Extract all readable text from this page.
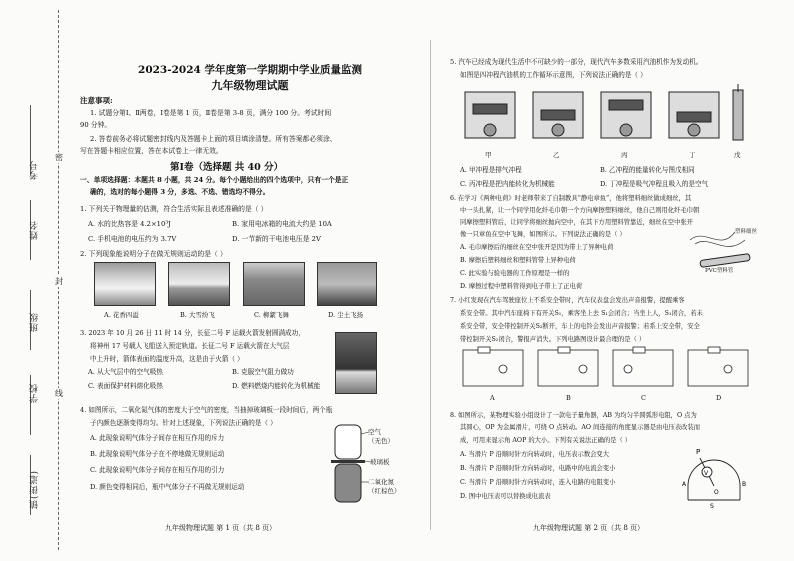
考号
姓名
班级
学校
镇(街道)
密
封
线
2023-2024 学年度第一学期期中学业质量监测
九年级物理试题
注意事项:
1. 试题分第Ⅰ、Ⅱ两卷，Ⅰ卷是第 1 页，Ⅱ卷是第 3-8 页，满分 100 分。考试时间
90 分钟。
2. 答卷前务必将试题密封线内及答题卡上面的项目填涂清楚。所有答案都必须涂、
写在答题卡相应位置，答在本试卷上一律无效。
第Ⅰ卷（选择题 共 40 分）
一、单项选择题：本题共 8 小题，共 24 分。每个小题给出的四个选项中，只有一个是正
确的，选对的每小题得 3 分，多选、不选、错选均不得分。
1. 下列关于物理量的估测，符合生活实际且表述准确的是（ ）
A. 水的比热容是 4.2×10³J	B. 家用电冰箱的电流大约是 10A
C. 手机电池的电压约为 3.7V	D. 一节新的干电池电压是 2V
2. 下列现象能说明分子在做无规则运动的是（ ）
A. 花香四溢	B. 大雪纷飞	C. 柳絮飞舞	D. 尘土飞扬
3. 2023 年 10 月 26 日 11 时 14 分，长征二号 F 运载火箭发射圆满成功，
将神州 17 号载人飞船送入预定轨道。长征二号 F 运载火箭在大气层
中上升时，箭体表面的温度升高，这是由于火箭（ ）
A. 从大气层中的空气吸热	B. 克服空气阻力做功
C. 表面保护材料熔化吸热	D. 燃料燃烧内能转化为机械能
4. 如图所示，二氧化氮气体的密度大于空气的密度，当抽掉玻璃板一段时间后，两个瓶
子内颜色逐渐变得均匀。针对上述现象，下列说法正确的是（ ）
A. 此现象说明气体分子间存在相互作用的斥力
B. 此现象说明气体分子在不停地做无规则运动
C. 此现象说明气体分子间存在相互作用的引力
D. 颜色变得相同后，瓶中气体分子不再做无规则运动
空气
（无色）
玻璃板
二氧化氮
（红棕色）
九年级物理试题 第 1 页（共 8 页）
5. 汽车已经成为现代生活中不可缺少的一部分，现代汽车多数采用汽油机作为发动机。
如图是四冲程汽油机的工作循环示意图，下列说法正确的是（ ）
甲	乙	丙	丁	戊
A. 甲冲程是排气冲程	B. 乙冲程的能量转化与图戊相同
C. 丙冲程是把内能转化为机械能	D. 丁冲程是吸气冲程且吸入的是空气
6. 在学习《两种电荷》时老师带来了自制教具“静电章鱼”，他将塑料细丝做成细丝，其
中一头扎紧，让一个同学用化纤毛巾朝一个方向摩擦塑料细丝，他自己则用化纤毛巾朝
同摩擦塑料管后，让同学将细丝抛向空中，在其下方用塑料管靠近，细丝在空中张开
像一只章鱼在空中飞舞，如图所示。下列说法正确的是（ ）
A. 毛巾摩擦后的细丝在空中张开是因为带上了异种电荷
B. 摩擦后塑料细丝和塑料管带上异种电荷
C. 此实验与验电器的工作原理是一样的
D. 摩擦过程中塑料管得到电子带上了正电荷
塑料细丝
PVC塑料管
7. 小红发现在汽车驾驶座位上不系安全带时，汽车仪表盘会发出声音报警，提醒乘客
系安全带。其中汽车座椅下有开关S₁，乘客坐上去 S₁会闭合；当坐上人，S₁闭合，若未
系安全带，安全带控制开关S₂断开，车上的电铃会发出声音报警；若系上安全带，安全
带控制开关S₂闭合，警报声消失。下列电路图设计最合理的是（ ）
A	B	C	D
8. 如图所示，某物理实验小组设计了一款电子量角器，AB 为均匀半圆弧形电阻，O 点为
其圆心，OP 为金属滑片，可绕 O 点转动。AO 间连接的角度显示器是由电压表改装而
成，可用来显示角 AOP 的大小。下列有关说法正确的是（ ）
A. 当滑片 P 沿顺时针方向转动时，电压表示数会变大
B. 当滑片 P 沿顺时针方向转动时，电路中的电流会变小
C. 当滑片 P 沿顺时针方向转动时，连入电路的电阻变小
D. 图中电压表可以替换成电流表
P
V
A
O
B
S
九年级物理试题 第 2 页（共 8 页）
